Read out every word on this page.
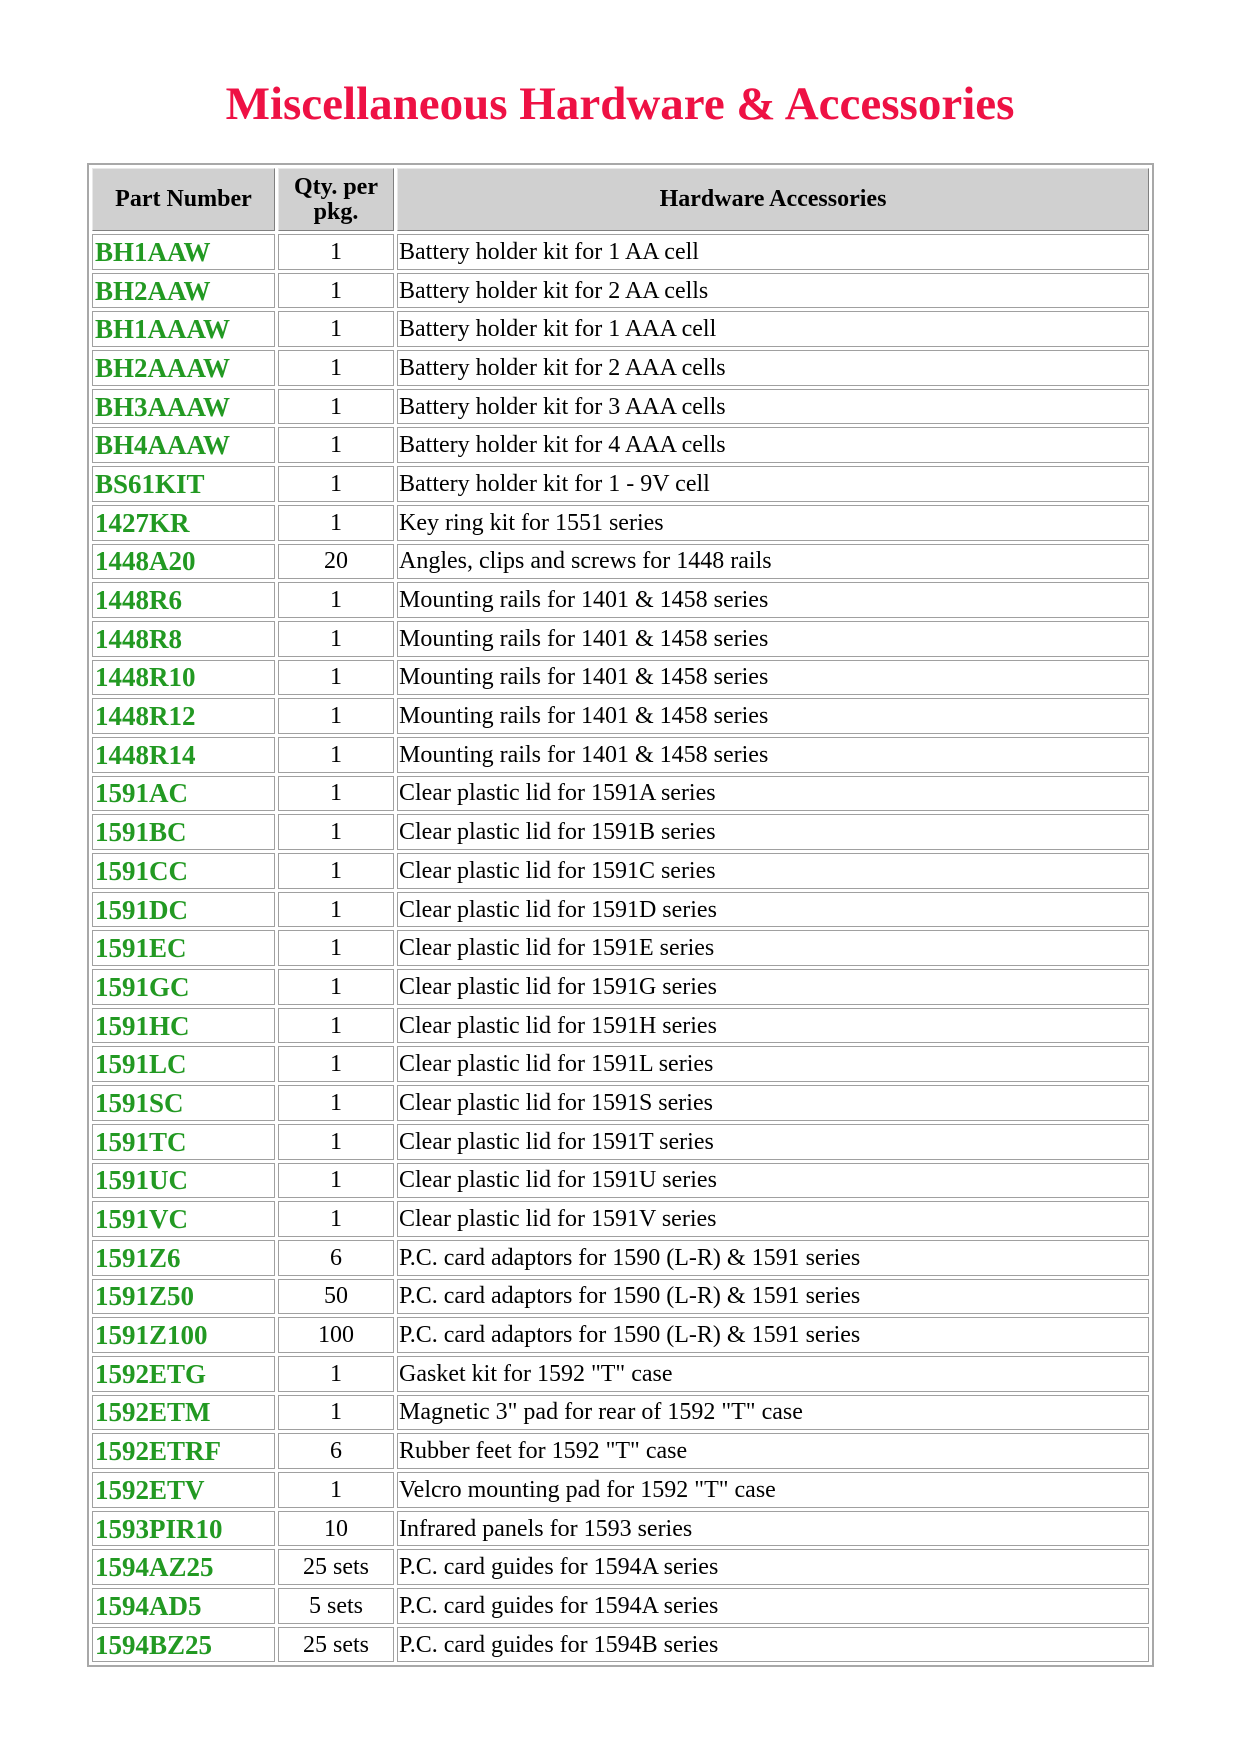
Miscellaneous Hardware & Accessories
Part Number	Qty. per pkg.	Hardware Accessories
BH1AAW	1	Battery holder kit for 1 AA cell
BH2AAW	1	Battery holder kit for 2 AA cells
BH1AAAW	1	Battery holder kit for 1 AAA cell
BH2AAAW	1	Battery holder kit for 2 AAA cells
BH3AAAW	1	Battery holder kit for 3 AAA cells
BH4AAAW	1	Battery holder kit for 4 AAA cells
BS61KIT	1	Battery holder kit for 1 - 9V cell
1427KR	1	Key ring kit for 1551 series
1448A20	20	Angles, clips and screws for 1448 rails
1448R6	1	Mounting rails for 1401 & 1458 series
1448R8	1	Mounting rails for 1401 & 1458 series
1448R10	1	Mounting rails for 1401 & 1458 series
1448R12	1	Mounting rails for 1401 & 1458 series
1448R14	1	Mounting rails for 1401 & 1458 series
1591AC	1	Clear plastic lid for 1591A series
1591BC	1	Clear plastic lid for 1591B series
1591CC	1	Clear plastic lid for 1591C series
1591DC	1	Clear plastic lid for 1591D series
1591EC	1	Clear plastic lid for 1591E series
1591GC	1	Clear plastic lid for 1591G series
1591HC	1	Clear plastic lid for 1591H series
1591LC	1	Clear plastic lid for 1591L series
1591SC	1	Clear plastic lid for 1591S series
1591TC	1	Clear plastic lid for 1591T series
1591UC	1	Clear plastic lid for 1591U series
1591VC	1	Clear plastic lid for 1591V series
1591Z6	6	P.C. card adaptors for 1590 (L-R) & 1591 series
1591Z50	50	P.C. card adaptors for 1590 (L-R) & 1591 series
1591Z100	100	P.C. card adaptors for 1590 (L-R) & 1591 series
1592ETG	1	Gasket kit for 1592 "T" case
1592ETM	1	Magnetic 3" pad for rear of 1592 "T" case
1592ETRF	6	Rubber feet for 1592 "T" case
1592ETV	1	Velcro mounting pad for 1592 "T" case
1593PIR10	10	Infrared panels for 1593 series
1594AZ25	25 sets	P.C. card guides for 1594A series
1594AD5	5 sets	P.C. card guides for 1594A series
1594BZ25	25 sets	P.C. card guides for 1594B series
